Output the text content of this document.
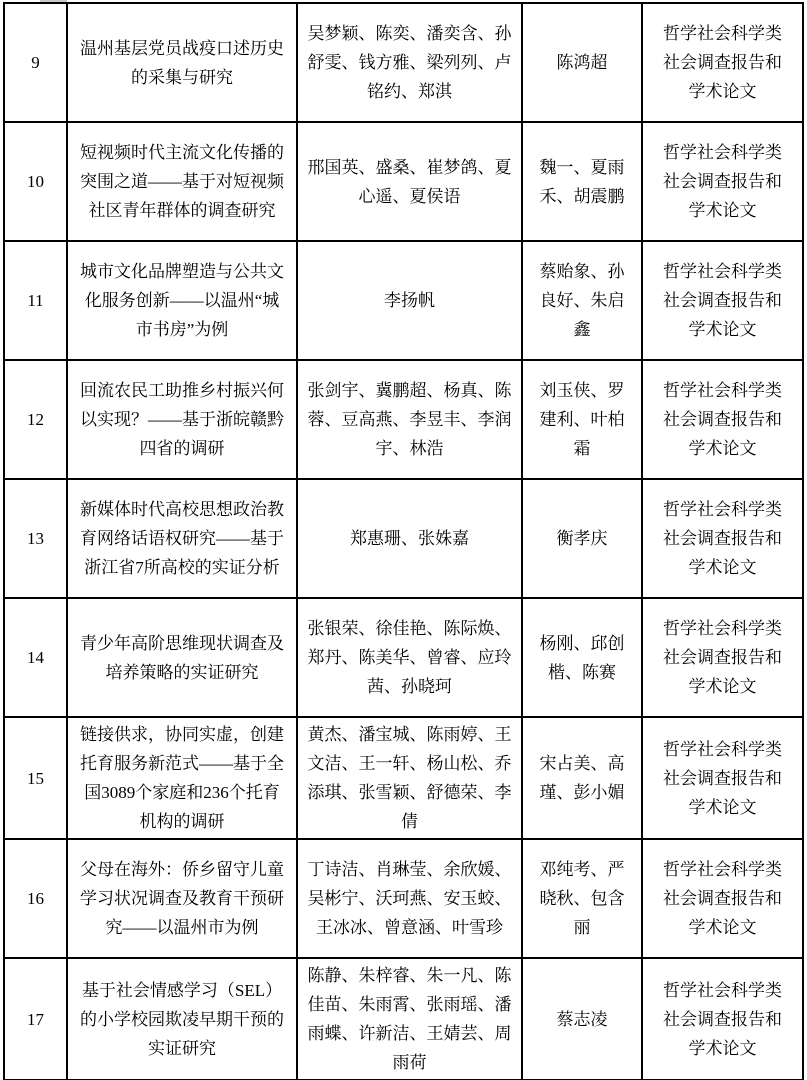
9	温州基层党员战疫口述历史的采集与研究	吴梦颖、陈奕、潘奕含、孙舒雯、钱方雅、梁列列、卢铭约、郑淇	陈鸿超	哲学社会科学类社会调查报告和学术论文

10	短视频时代主流文化传播的突围之道——基于对短视频社区青年群体的调查研究	邢国英、盛桑、崔梦鸽、夏心遥、夏侯语	魏一、夏雨禾、胡震鹏	哲学社会科学类社会调查报告和学术论文

11	城市文化品牌塑造与公共文化服务创新——以温州“城市书房”为例	李扬帆	蔡贻象、孙良好、朱启鑫	哲学社会科学类社会调查报告和学术论文

12	回流农民工助推乡村振兴何以实现？——基于浙皖赣黔四省的调研	张剑宇、冀鹏超、杨真、陈蓉、豆高燕、李昱丰、李润宇、林浩	刘玉侠、罗建利、叶柏霜	哲学社会科学类社会调查报告和学术论文

13	新媒体时代高校思想政治教育网络话语权研究——基于浙江省7所高校的实证分析	郑惠珊、张姝嘉	衡孝庆	哲学社会科学类社会调查报告和学术论文

14	青少年高阶思维现状调查及培养策略的实证研究	张银荣、徐佳艳、陈际焕、郑丹、陈美华、曾睿、应玲茜、孙晓珂	杨刚、邱创楷、陈赛	哲学社会科学类社会调查报告和学术论文

15	链接供求，协同实虚，创建托育服务新范式——基于全国3089个家庭和236个托育机构的调研	黄杰、潘宝城、陈雨婷、王文洁、王一轩、杨山松、乔添琪、张雪颖、舒德荣、李倩	宋占美、高瑾、彭小媚	哲学社会科学类社会调查报告和学术论文

16	父母在海外：侨乡留守儿童学习状况调查及教育干预研究——以温州市为例	丁诗洁、肖琳莹、余欣媛、吴彬宁、沃珂燕、安玉蛟、王冰冰、曾意涵、叶雪珍	邓纯考、严晓秋、包含丽	哲学社会科学类社会调查报告和学术论文

17	基于社会情感学习（SEL）的小学校园欺凌早期干预的实证研究	陈静、朱梓睿、朱一凡、陈佳苗、朱雨霄、张雨瑶、潘雨蝶、许新洁、王婧芸、周雨荷	蔡志凌	哲学社会科学类社会调查报告和学术论文
